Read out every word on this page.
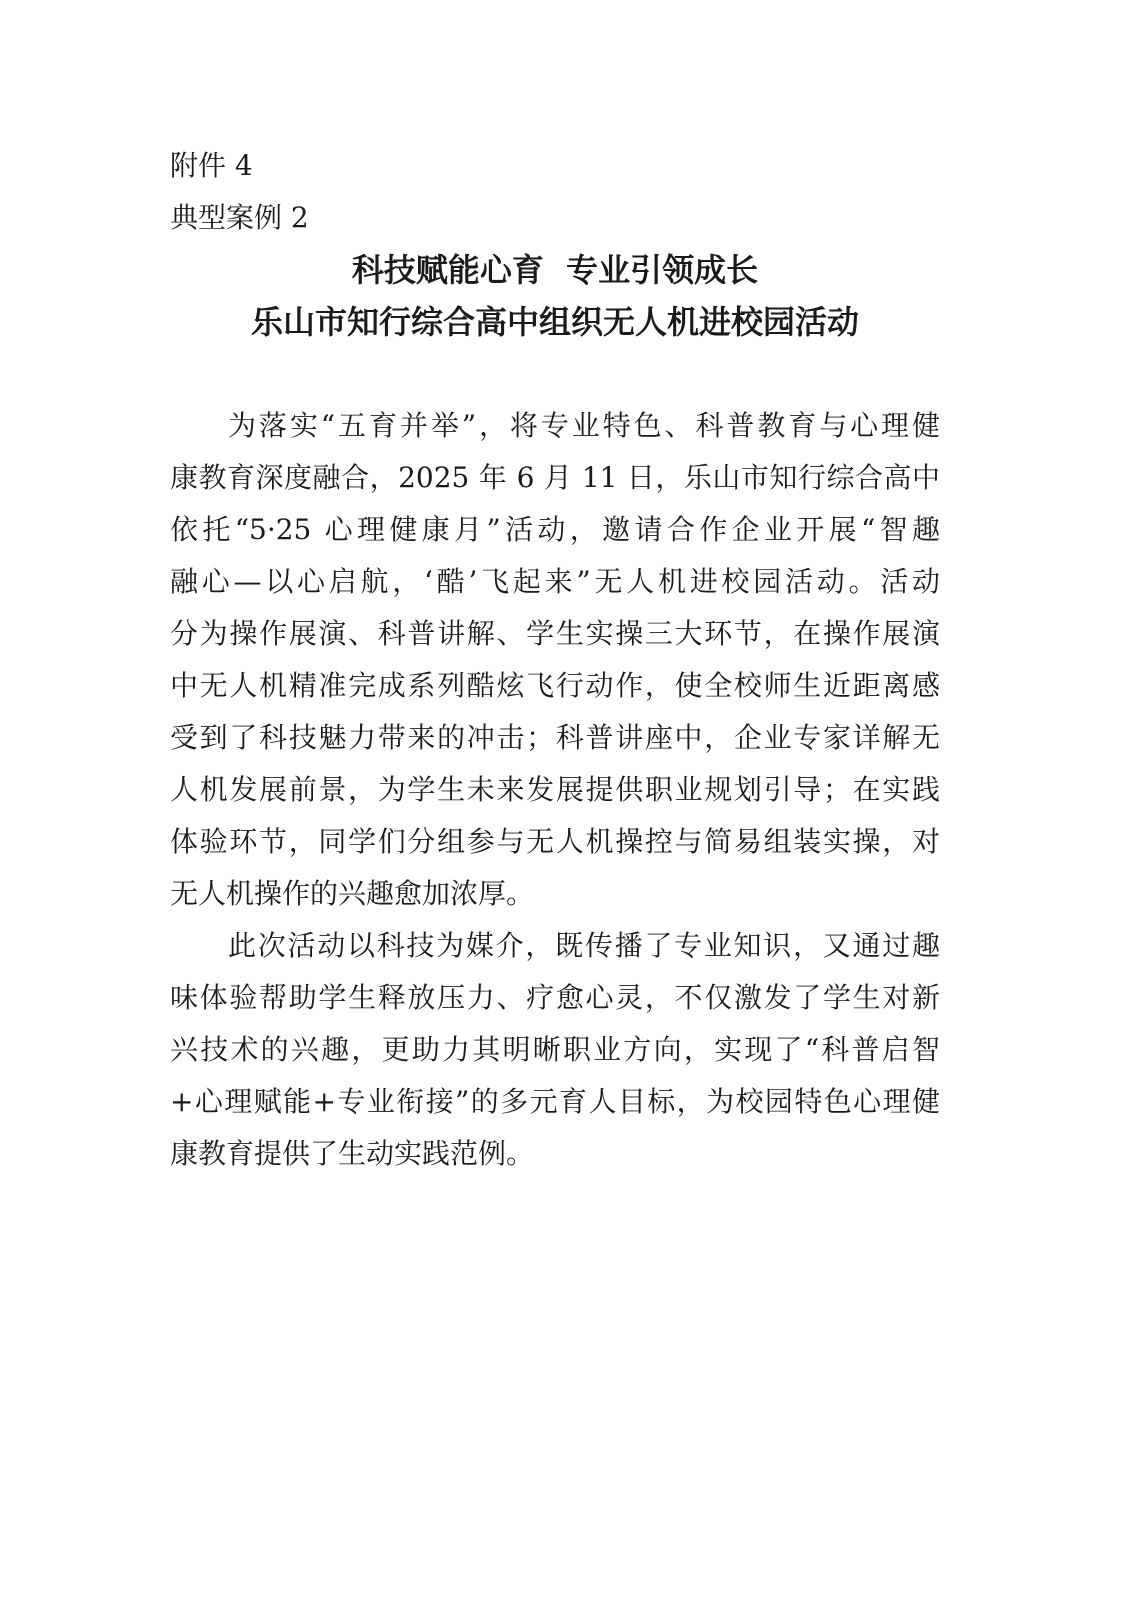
附件 4
典型案例 2
科技赋能心育  专业引领成长
乐山市知行综合高中组织无人机进校园活动
为落实“五育并举”，将专业特色、科普教育与心理健
康教育深度融合，2025 年 6 月 11 日，乐山市知行综合高中
依托“5·25 心理健康月”活动，邀请合作企业开展“智趣
融心—以心启航，‘酷’飞起来”无人机进校园活动。活动
分为操作展演、科普讲解、学生实操三大环节，在操作展演
中无人机精准完成系列酷炫飞行动作，使全校师生近距离感
受到了科技魅力带来的冲击；科普讲座中，企业专家详解无
人机发展前景，为学生未来发展提供职业规划引导；在实践
体验环节，同学们分组参与无人机操控与简易组装实操，对
无人机操作的兴趣愈加浓厚。
此次活动以科技为媒介，既传播了专业知识，又通过趣
味体验帮助学生释放压力、疗愈心灵，不仅激发了学生对新
兴技术的兴趣，更助力其明晰职业方向，实现了“科普启智
+心理赋能+专业衔接”的多元育人目标，为校园特色心理健
康教育提供了生动实践范例。
